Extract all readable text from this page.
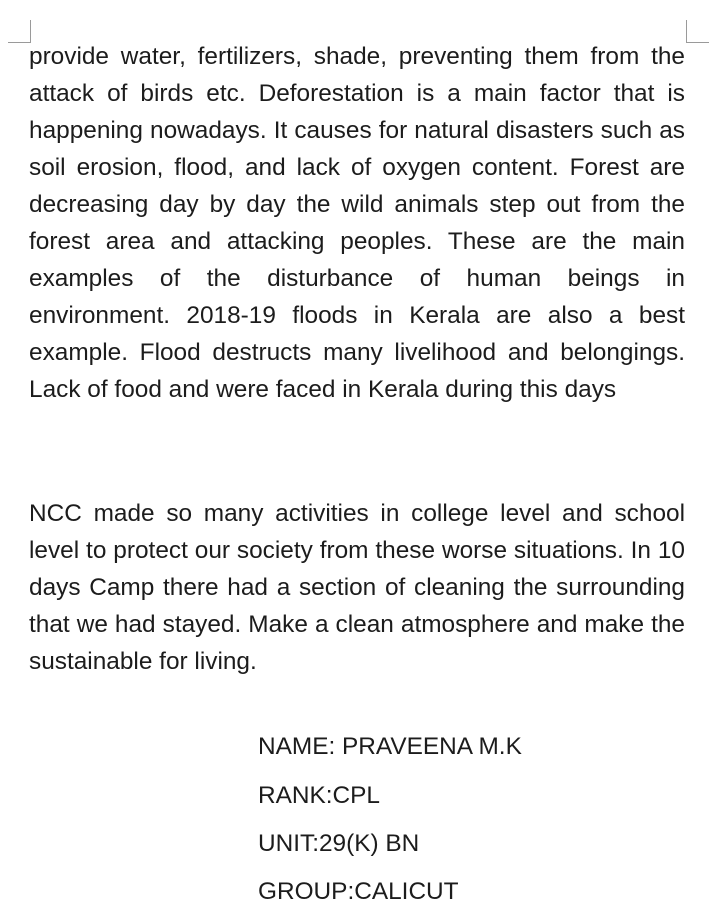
provide water, fertilizers, shade, preventing them from the attack of birds etc. Deforestation is a main factor that is happening nowadays. It causes for natural disasters such as soil erosion, flood, and lack of oxygen content. Forest are decreasing day by day the wild animals step out from the forest area and attacking peoples. These are the main examples of the disturbance of human beings in environment. 2018-19 floods in Kerala are also a best example. Flood destructs many livelihood and belongings. Lack of food and were faced in Kerala during this days

NCC made so many activities in college level and school level to protect our society from these worse situations. In 10 days Camp there had a section of cleaning the surrounding that we had stayed. Make a clean atmosphere and make the sustainable for living.

NAME: PRAVEENA M.K

RANK:CPL

UNIT:29(K) BN

GROUP:CALICUT
